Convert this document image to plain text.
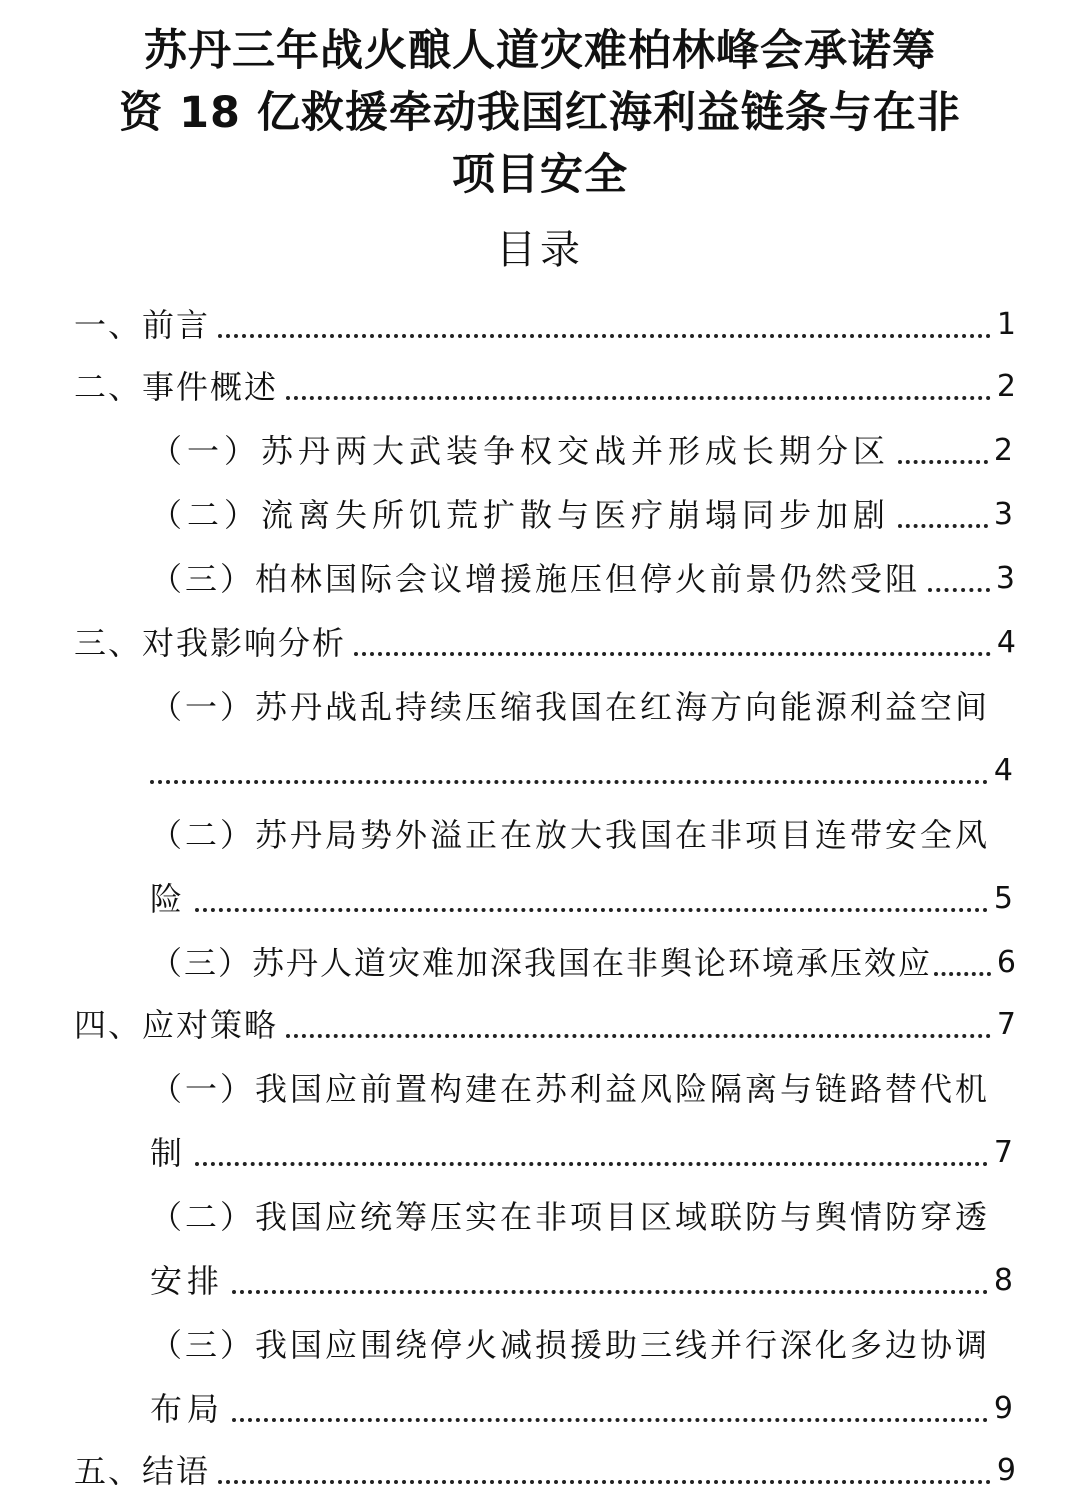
苏丹三年战火酿人道灾难柏林峰会承诺筹
资 18 亿救援牵动我国红海利益链条与在非
项目安全
目录
一、前言	1
二、事件概述	2
（一）苏丹两大武装争权交战并形成长期分区	2
（二）流离失所饥荒扩散与医疗崩塌同步加剧	3
（三）柏林国际会议增援施压但停火前景仍然受阻	3
三、对我影响分析	4
（一）苏丹战乱持续压缩我国在红海方向能源利益空间
4
（二）苏丹局势外溢正在放大我国在非项目连带安全风
险	5
（三）苏丹人道灾难加深我国在非舆论环境承压效应 6
四、应对策略	7
（一）我国应前置构建在苏利益风险隔离与链路替代机
制	7
（二）我国应统筹压实在非项目区域联防与舆情防穿透
安排	8
（三）我国应围绕停火减损援助三线并行深化多边协调
布局	9
五、结语	9
